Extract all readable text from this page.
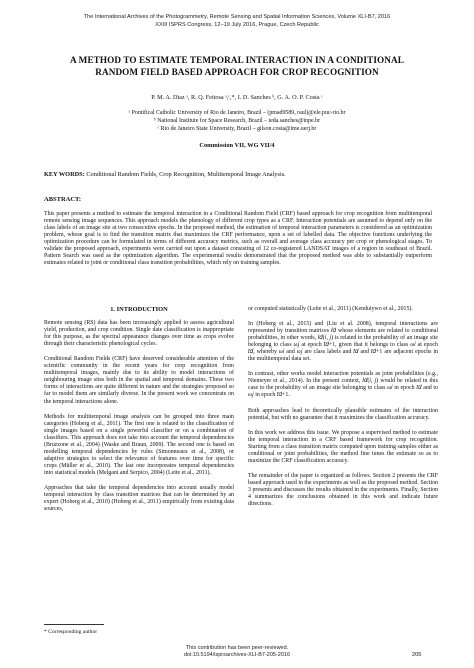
The International Archives of the Photogrammetry, Remote Sensing and Spatial Information Sciences, Volume XLI-B7, 2016
XXIII ISPRS Congress, 12–19 July 2016, Prague, Czech Republic
A METHOD TO ESTIMATE TEMPORAL INTERACTION IN A CONDITIONAL
RANDOM FIELD BASED APPROACH FOR CROP RECOGNITION
P. M. A. Diaz ᵃ, R. Q. Feitosa ᵃ,ᶜ,*, I. D. Sanches ᵇ, G. A. O. P. Costa ᶜ
ᵃ Pontifical Catholic University of Rio de Janeiro, Brazil – (pmad9589, raul)@ele.puc-rio.br
ᵇ National Institute for Space Research, Brazil – ieda.sanches@inpe.br
ᶜ Rio de Janeiro State University, Brazil – gilson.costa@ime.uerj.br
Commission VII, WG VII/4
KEY WORDS: Conditional Random Fields, Crop Recognition, Multitemporal Image Analysis.
ABSTRACT:
This paper presents a method to estimate the temporal interaction in a Conditional Random Field (CRF) based approach for crop recognition from multitemporal remote sensing image sequences. This approach models the phenology of different crop types as a CRF. Interaction potentials are assumed to depend only on the class labels of an image site at two consecutive epochs. In the proposed method, the estimation of temporal interaction parameters is considered as an optimization problem, whose goal is to find the transition matrix that maximizes the CRF performance, upon a set of labelled data. The objective functions underlying the optimization procedure can be formulated in terms of different accuracy metrics, such as overall and average class accuracy per crop or phenological stages. To validate the proposed approach, experiments were carried out upon a dataset consisting of 12 co-registered LANDSAT images of a region in southeast of Brazil. Pattern Search was used as the optimization algorithm. The experimental results demonstrated that the proposed method was able to substantially outperform estimates related to joint or conditional class transition probabilities, which rely on training samples.
1. INTRODUCTION

Remote sensing (RS) data has been increasingly applied to assess agricultural yield, production, and crop condition. Single date classification is inappropriate for this purpose, as the spectral appearance changes over time as crops evolve through their characteristic phenological cycles.

Conditional Random Fields (CRF) have deserved considerable attention of the scientific community in the recent years for crop recognition from multitemporal images, mainly due to its ability to model interactions of neighbouring image sites both in the spatial and temporal domains. These two forms of interactions are quite different in nature and the strategies proposed so far to model them are similarly diverse. In the present work we concentrate on the temporal interactions alone.

Methods for multitemporal image analysis can be grouped into three main categories (Hoberg et al., 2011). The first one is related to the classification of single images based on a single powerful classifier or on a combination of classifiers. This approach does not take into account the temporal dependencies (Bruzzone et al., 2004) (Waske and Braun, 2009). The second one is based on modelling temporal dependencies by rules (Simonneaux et al., 2008), or adaptive strategies to select the relevance of features over time for specific crops (Müller et al., 2010). The last one incorporates temporal dependencies into statistical models (Melgani and Serpico, 2004) (Leite et al., 2011).

Approaches that take the temporal dependencies into account usually model temporal interaction by class transition matrices that can be determined by an expert (Hoberg et al., 2010) (Hoberg et al., 2011) empirically from existing data sources,

or computed statistically (Leite et al., 2011) (Kenduiywo et al., 2015).

In (Hoberg et al., 2015) and (Liu et al. 2008), temporal interactions are represented by transition matrices 𝐼𝑑 whose elements are related to conditional probabilities, in other words, 𝐼𝑑(𝑖, 𝑗) is related to the probability of an image site belonging to class ω𝑗 at epoch 𝑡𝑑+1, given that it belongs to class ω𝑖 at epoch 𝑡𝑑, whereby ω𝑖 and ω𝑗 are class labels and 𝑡𝑑 and 𝑡𝑑+1 are adjacent epochs in the multitemporal data set.

In contrast, other works model interaction potentials as joint probabilities (e.g., Niemeyer et al., 2014). In the present context, 𝐼𝑑(𝑖, 𝑗) would be related in this case to the probability of an image site belonging to class ω𝑖 in epoch 𝑡𝑑 and to ω𝑗 in epoch 𝑡𝑑+1.

Both approaches lead to theoretically plausible estimates of the interaction potential, but with no guarantee that it maximizes the classification accuracy.

In this work we address this issue. We propose a supervised method to estimate the temporal interaction in a CRF based framework for crop recognition. Starting from a class transition matrix computed upon training samples either as conditional or joint probabilities, the method fine tunes the estimate so as to maximize the CRF classification accuracy.

The remainder of the paper is organized as follows. Section 2 presents the CRF based approach used in the experiments as well as the proposed method. Section 3 presents and discusses the results obtained in the experiments. Finally, Section 4 summarizes the conclusions obtained in this work and indicate future directions.

* Corresponding author
This contribution has been peer-reviewed.
doi:10.5194/isprsarchives-XLI-B7-205-2016	205
